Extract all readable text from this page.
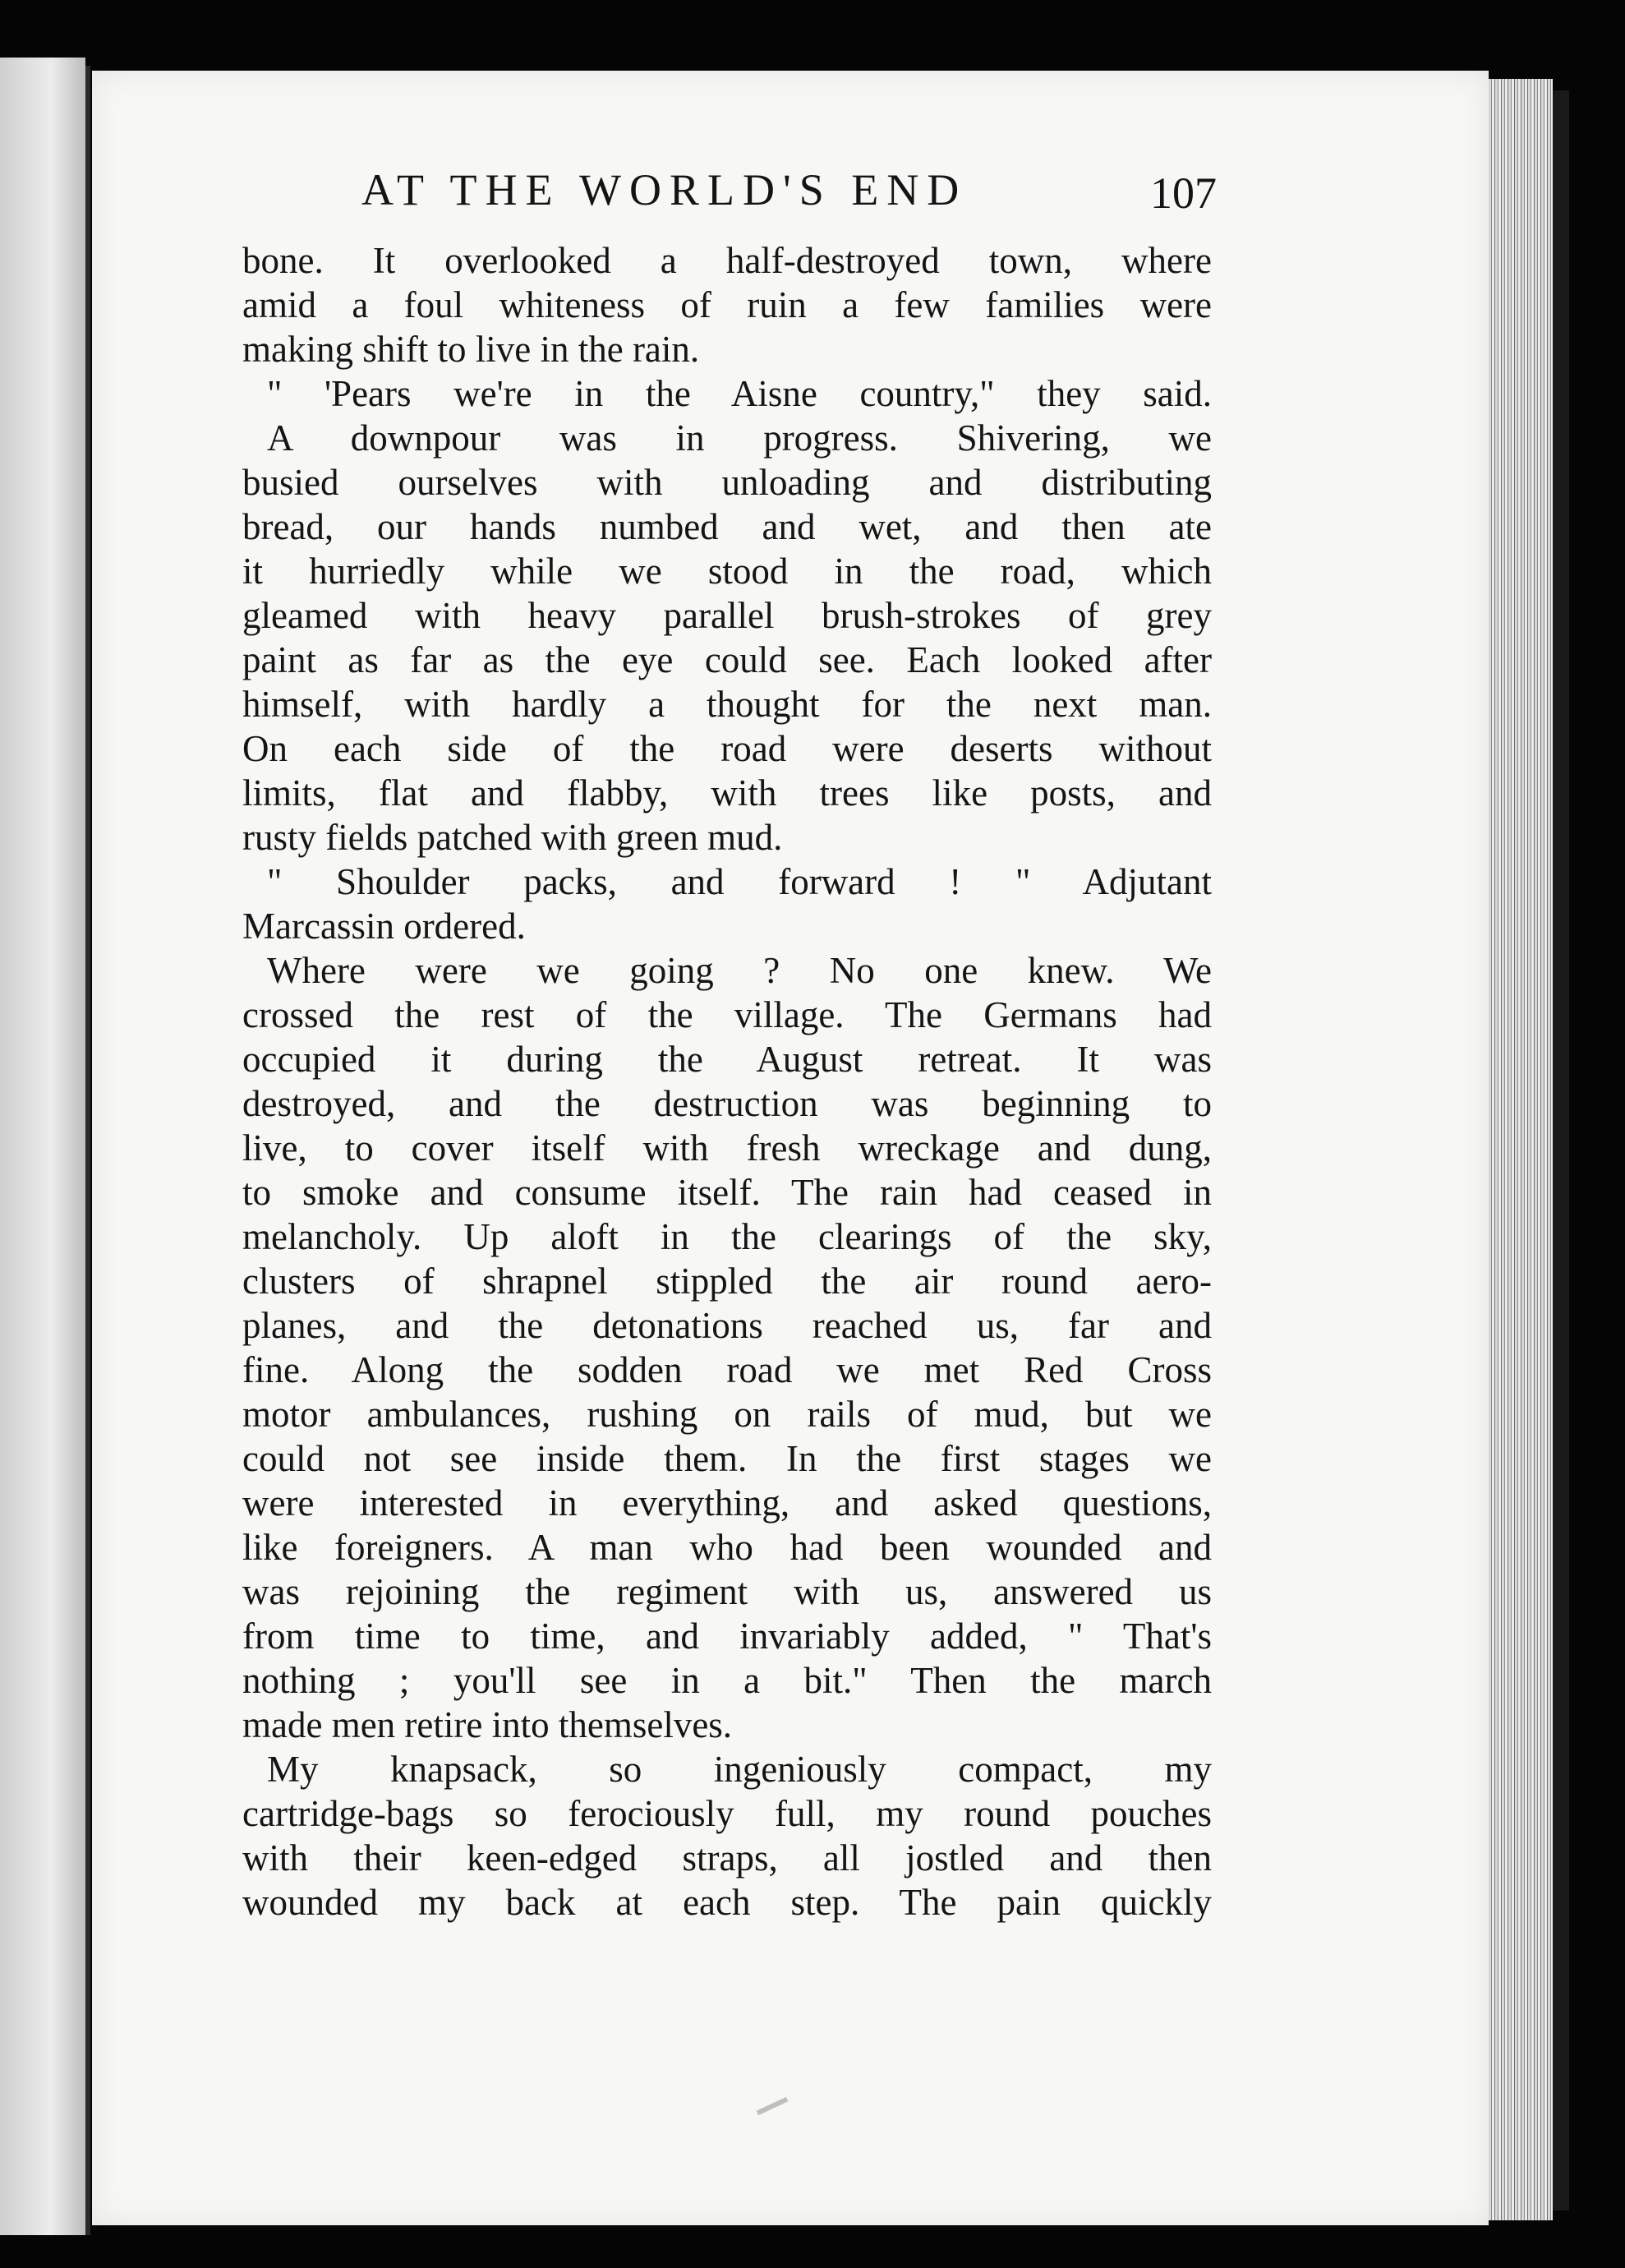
AT THE WORLD'S END	107
bone. It overlooked a half-destroyed town, where
amid a foul whiteness of ruin a few families were
making shift to live in the rain.
" 'Pears we're in the Aisne country," they said.
A downpour was in progress. Shivering, we
busied ourselves with unloading and distributing
bread, our hands numbed and wet, and then ate
it hurriedly while we stood in the road, which
gleamed with heavy parallel brush-strokes of grey
paint as far as the eye could see. Each looked after
himself, with hardly a thought for the next man.
On each side of the road were deserts without
limits, flat and flabby, with trees like posts, and
rusty fields patched with green mud.
" Shoulder packs, and forward ! " Adjutant
Marcassin ordered.
Where were we going ? No one knew. We
crossed the rest of the village. The Germans had
occupied it during the August retreat. It was
destroyed, and the destruction was beginning to
live, to cover itself with fresh wreckage and dung,
to smoke and consume itself. The rain had ceased in
melancholy. Up aloft in the clearings of the sky,
clusters of shrapnel stippled the air round aero-
planes, and the detonations reached us, far and
fine. Along the sodden road we met Red Cross
motor ambulances, rushing on rails of mud, but we
could not see inside them. In the first stages we
were interested in everything, and asked questions,
like foreigners. A man who had been wounded and
was rejoining the regiment with us, answered us
from time to time, and invariably added, " That's
nothing ; you'll see in a bit." Then the march
made men retire into themselves.
My knapsack, so ingeniously compact, my
cartridge-bags so ferociously full, my round pouches
with their keen-edged straps, all jostled and then
wounded my back at each step. The pain quickly
